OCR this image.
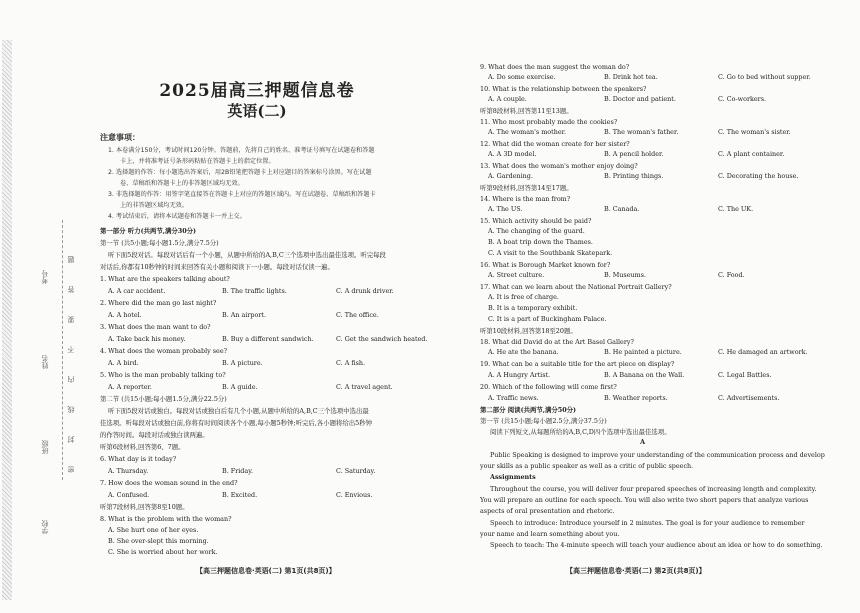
学校
班级
姓名
考号
密
封
线
内
不
要
答
题
2025届高三押题信息卷
英语(二)
注意事项：

1. 本卷满分150分，考试时间120分钟。答题前，先将自己的姓名、准考证号填写在试题卷和答题

卡上，并将准考证号条形码粘贴在答题卡上的指定位置。

2. 选择题的作答：每小题选出答案后，用2B铅笔把答题卡上对应题目的答案标号涂黑。写在试题

卷、草稿纸和答题卡上的非答题区域均无效。

3. 非选择题的作答：用签字笔直接答在答题卡上对应的答题区域内。写在试题卷、草稿纸和答题卡

上的非答题区域均无效。

4. 考试结束后，请将本试题卷和答题卡一并上交。

第一部分 听力(共两节,满分30分)
第一节 (共5小题;每小题1.5分,满分7.5分)
听下面5段对话。每段对话后有一个小题，从题中所给的A,B,C三个选项中选出最佳选项。听完每段
对话后,你都有10秒钟的时间来回答有关小题和阅读下一小题。每段对话仅读一遍。
1. What are the speakers talking about?
A. A car accident.	B. The traffic lights.	C. A drunk driver.
2. Where did the man go last night?
A. A hotel.	B. An airport.	C. The office.
3. What does the man want to do?
A. Take back his money.	B. Buy a different sandwich.	C. Get the sandwich heated.
4. What does the woman probably see?
A. A bird.	B. A picture.	C. A fish.
5. Who is the man probably talking to?
A. A reporter.	B. A guide.	C. A travel agent.
第二节 (共15小题;每小题1.5分,满分22.5分)
听下面5段对话或独白。每段对话或独白后有几个小题,从题中所给的A,B,C三个选项中选出最
佳选项。听每段对话或独白前,你将有时间阅读各个小题,每小题5秒钟;听完后,各小题将给出5秒钟
的作答时间。每段对话或独白读两遍。
听第6段材料,回答第6、7题。
6. What day is it today?
A. Thursday.	B. Friday.	C. Saturday.
7. How does the woman sound in the end?
A. Confused.	B. Excited.	C. Envious.
听第7段材料,回答第8至10题。
8. What is the problem with the woman?
A. She hurt one of her eyes.
B. She over-slept this morning.
C. She is worried about her work.
【高三押题信息卷·英语(二) 第1页(共8页)】
9. What does the man suggest the woman do?
A. Do some exercise.	B. Drink hot tea.	C. Go to bed without supper.
10. What is the relationship between the speakers?
A. A couple.	B. Doctor and patient.	C. Co-workers.
听第8段材料,回答第11至13题。
11. Who most probably made the cookies?
A. The woman's mother.	B. The woman's father.	C. The woman's sister.
12. What did the woman create for her sister?
A. A 3D model.	B. A pencil holder.	C. A plant container.
13. What does the woman's mother enjoy doing?
A. Gardening.	B. Printing things.	C. Decorating the house.
听第9段材料,回答第14至17题。
14. Where is the man from?
A. The US.	B. Canada.	C. The UK.
15. Which activity should be paid?
A. The changing of the guard.
B. A boat trip down the Thames.
C. A visit to the Southbank Skatepark.
16. What is Borough Market known for?
A. Street culture.	B. Museums.	C. Food.
17. What can we learn about the National Portrait Gallery?
A. It is free of charge.
B. It is a temporary exhibit.
C. It is a part of Buckingham Palace.
听第10段材料,回答第18至20题。
18. What did David do at the Art Basel Gallery?
A. He ate the banana.	B. He painted a picture.	C. He damaged an artwork.
19. What can be a suitable title for the art piece on display?
A. A Hungry Artist.	B. A Banana on the Wall.	C. Legal Battles.
20. Which of the following will come first?
A. Traffic news.	B. Weather reports.	C. Advertisements.
第二部分 阅读(共两节,满分50分)
第一节 (共15小题;每小题2.5分,满分37.5分)
阅读下列短文,从每题所给的A,B,C,D四个选项中选出最佳选项。
A
Public Speaking is designed to improve your understanding of the communication process and develop
your skills as a public speaker as well as a critic of public speech.
Assignments
Throughout the course, you will deliver four prepared speeches of increasing length and complexity.
You will prepare an outline for each speech. You will also write two short papers that analyze various
aspects of oral presentation and rhetoric.
Speech to introduce: Introduce yourself in 2 minutes. The goal is for your audience to remember
your name and learn something about you.
Speech to teach: The 4-minute speech will teach your audience about an idea or how to do something.
【高三押题信息卷·英语(二) 第2页(共8页)】
